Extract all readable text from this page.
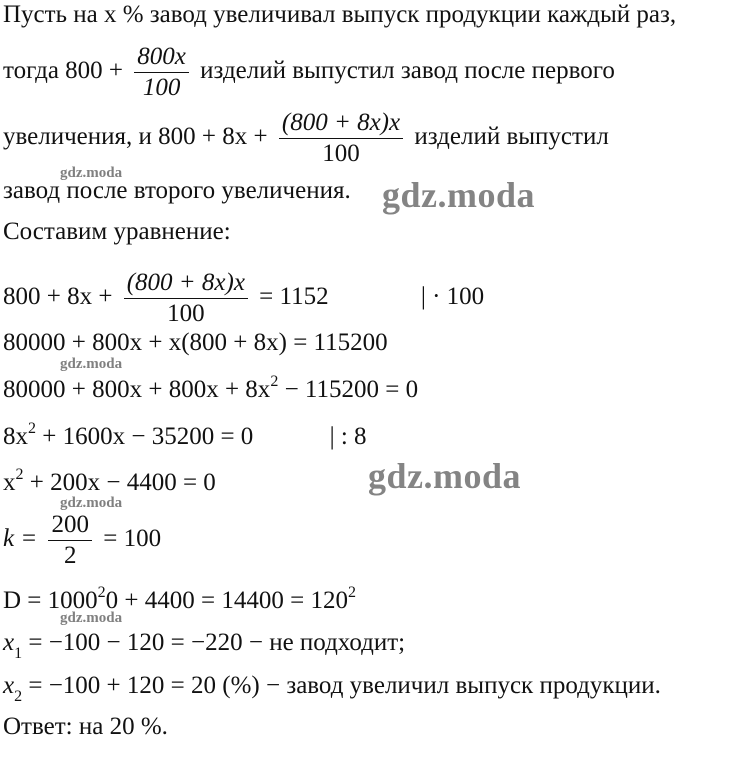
Пусть на x % завод увеличивал выпуск продукции каждый раз,
тогда $800 + \frac{800x}{100}$ изделий выпустил завод после первого
увеличения, и $800 + 8x + \frac{(800 + 8x)x}{100}$ изделий выпустил
завод после второго увеличения.
Составим уравнение:
$800 + 8x + \frac{(800 + 8x)x}{100} = 1152$	| · 100
80000 + 800x + x(800 + 8x) = 115200
$80000 + 800x + 800x + 8x^2 - 115200 = 0$
$8x^2 + 1600x - 35200 = 0$	| : 8
$x^2 + 200x - 4400 = 0$
$k = \frac{200}{2} = 100$
$D = 1000^20 + 4400 = 14400 = 120^2$
$x_1 = -100 - 120 = -220$ − не подходит;
$x_2 = -100 + 120 = 20$ (%) − завод увеличил выпуск продукции.
Ответ: на 20 %.
gdz.moda
gdz.moda
gdz.moda
gdz.moda
gdz.moda
gdz.moda
